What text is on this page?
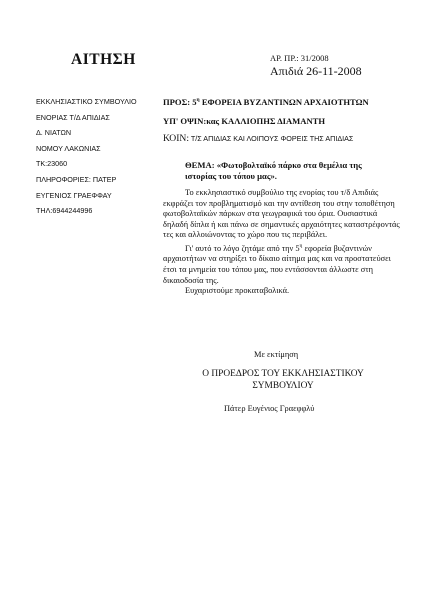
ΑΙΤΗΣΗ	ΑΡ. ΠΡ.: 31/2008
Απιδιά 26-11-2008
ΕΚΚΛΗΣΙΑΣΤΙΚΟ ΣΥΜΒΟΥΛΙΟ
ΕΝΟΡΙΑΣ Τ/Δ ΑΠΙΔΙΑΣ
Δ. ΝΙΑΤΩΝ
ΝΟΜΟΥ ΛΑΚΩΝΙΑΣ
ΤΚ:23060
ΠΛΗΡΟΦΟΡΙΕΣ: ΠΑΤΕΡ
ΕΥΓΕΝΙΟΣ ΓΡΑΕΦΦΑΥ
ΤΗΛ:6944244996
ΠΡΟΣ: $5^\eta$ ΕΦΟΡΕΙΑ ΒΥΖΑΝΤΙΝΩΝ ΑΡΧΑΙΟΤΗΤΩΝ
ΥΠ' ΟΨΙΝ:κας ΚΑΛΛΙΟΠΗΣ ΔΙΑΜΑΝΤΗ
ΚΟΙΝ: Τ/Σ ΑΠΙΔΙΑΣ ΚΑΙ ΛΟΙΠΟΥΣ ΦΟΡΕΙΣ ΤΗΣ ΑΠΙΔΙΑΣ
ΘΕΜΑ: «Φωτοβολταϊκό πάρκο στα θεμέλια της ιστορίας του τόπου μας».

Το εκκλησιαστικό συμβούλιο της ενορίας του τ/δ Απιδιάς εκφράζει τον προβληματισμό και την αντίθεση του στην τοποθέτηση φωτοβολταϊκών πάρκων στα γεωγραφικά του όρια. Ουσιαστικά δηλαδή δίπλα ή και πάνω σε σημαντικές αρχαιότητες καταστρέφοντάς τες και αλλοιώνοντας το χώρο που τις περιβάλει.

Γι' αυτό το λόγο ζητάμε από την $5^\eta$ εφορεία βυζαντινών αρχαιοτήτων να στηρίξει το δίκαιο αίτημα μας και να προστατεύσει έτσι τα μνημεία του τόπου μας, που εντάσσονται άλλωστε στη δικαιοδοσία της.

Ευχαριστούμε προκαταβολικά.

Με εκτίμηση
Ο ΠΡΟΕΔΡΟΣ ΤΟΥ ΕΚΚΛΗΣΙΑΣΤΙΚΟΥ
ΣΥΜΒΟΥΛΙΟΥ
Πάτερ Ευγένιος Γραεφφλύ
